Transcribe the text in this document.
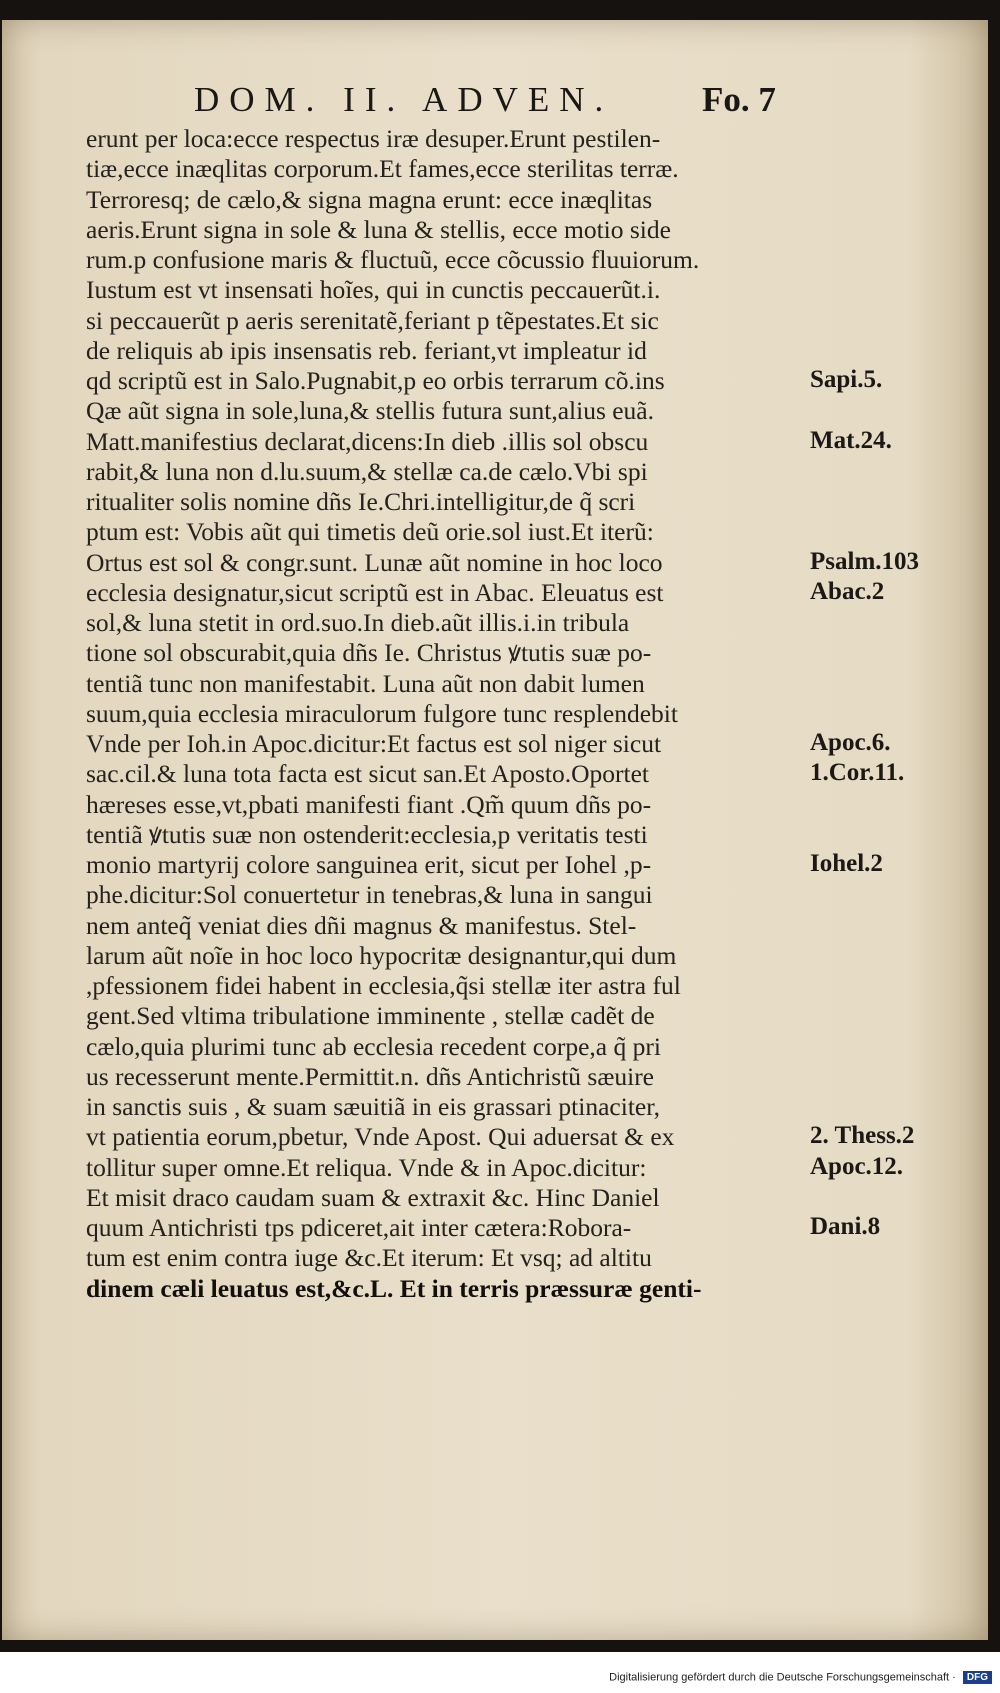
DOM. II. ADVEN.	Fo. 7
erunt per loca:ecce respectus iræ desuper.Erunt pestilen-
tiæ,ecce inæqlitas corporum.Et fames,ecce sterilitas terræ.
Terroresq; de cælo,& signa magna erunt: ecce inæqlitas
aeris.Erunt signa in sole & luna & stellis, ecce motio side
rum.p confusione maris & fluctuũ, ecce cõcussio fluuiorum.
Iustum est vt insensati hoĩes, qui in cunctis peccauerũt.i.
si peccauerũt p aeris serenitatẽ,feriant p tẽpestates.Et sic
de reliquis ab ipis insensatis reb. feriant,vt impleatur id
qd scriptũ est in Salo.Pugnabit,p eo orbis terrarum cõ.ins
Qæ aũt signa in sole,luna,& stellis futura sunt,alius euã.
Matt.manifestius declarat,dicens:In dieb .illis sol obscu
rabit,& luna non d.lu.suum,& stellæ ca.de cælo.Vbi spi
ritualiter solis nomine dñs Ie.Chri.intelligitur,de q̃ scri
ptum est: Vobis aũt qui timetis deũ orie.sol iust.Et iterũ:
Ortus est sol & congr.sunt. Lunæ aũt nomine in hoc loco
ecclesia designatur,sicut scriptũ est in Abac. Eleuatus est
sol,& luna stetit in ord.suo.In dieb.aũt illis.i.in tribula
tione sol obscurabit,quia dñs Ie. Christus ꝟtutis suæ po-
tentiã tunc non manifestabit. Luna aũt non dabit lumen
suum,quia ecclesia miraculorum fulgore tunc resplendebit
Vnde per Ioh.in Apoc.dicitur:Et factus est sol niger sicut
sac.cil.& luna tota facta est sicut san.Et Aposto.Oportet
hæreses esse,vt,pbati manifesti fiant .Qm̃ quum dñs po-
tentiã ꝟtutis suæ non ostenderit:ecclesia,p veritatis testi
monio martyrij colore sanguinea erit, sicut per Iohel ,p-
phe.dicitur:Sol conuertetur in tenebras,& luna in sangui
nem anteq̃ veniat dies dñi magnus & manifestus. Stel-
larum aũt noĩe in hoc loco hypocritæ designantur,qui dum
,pfessionem fidei habent in ecclesia,q̃si stellæ iter astra ful
gent.Sed vltima tribulatione imminente , stellæ cadẽt de
cælo,quia plurimi tunc ab ecclesia recedent corpe,a q̃ pri
us recesserunt mente.Permittit.n. dñs Antichristũ sæuire
in sanctis suis , & suam sæuitiã in eis grassari ptinaciter,
vt patientia eorum,pbetur, Vnde Apost. Qui aduersat & ex
tollitur super omne.Et reliqua. Vnde & in Apoc.dicitur:
Et misit draco caudam suam & extraxit &c. Hinc Daniel
quum Antichristi tps pdiceret,ait inter cætera:Robora-
tum est enim contra iuge &c.Et iterum: Et vsq; ad altitu
dinem cæli leuatus est,&c.L. Et in terris præssuræ genti-
Sapi.5.
Mat.24.
Psalm.103
Abac.2
Apoc.6.
1.Cor.11.
Iohel.2
2. Thess.2
Apoc.12.
Dani.8
Digitalisierung gefördert durch die Deutsche Forschungsgemeinschaft · DFG
